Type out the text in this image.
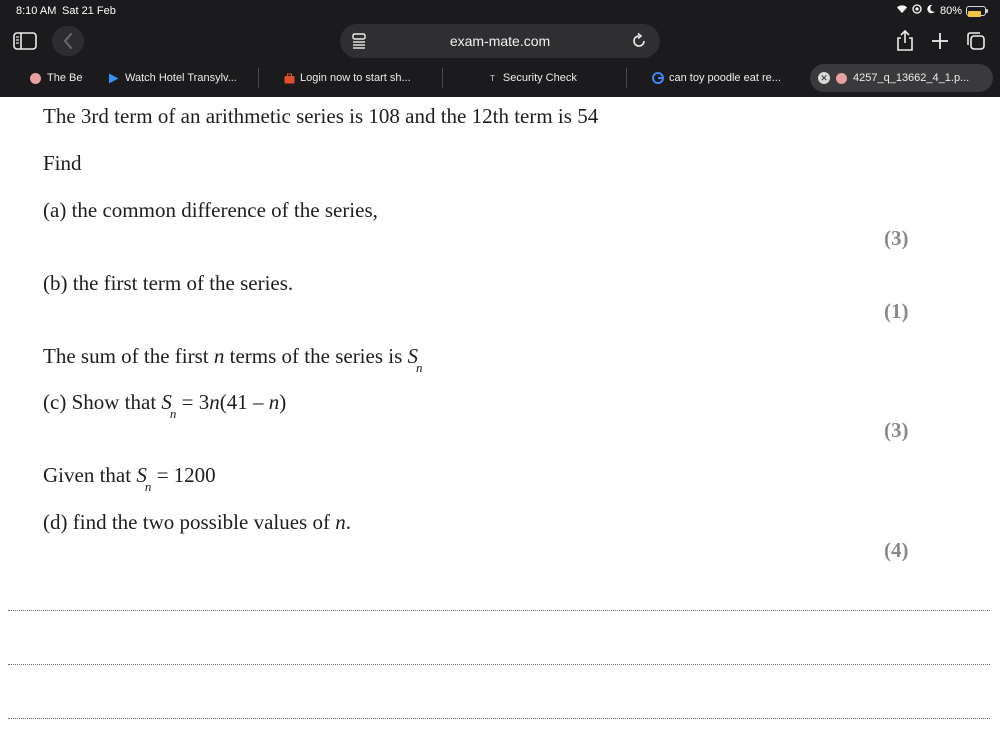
8:10 AM Sat 21 Feb	80%
exam-mate.com
The Be	Watch Hotel Transylv...	Login now to start sh...	T Security Check	can toy poodle eat re...	✕ 4257_q_13662_4_1.p...
The 3rd term of an arithmetic series is 108 and the 12th term is 54
Find
(a) the common difference of the series,
(3)
(b) the first term of the series.
(1)
The sum of the first n terms of the series is $S_n$
(c) Show that $S_n = 3n(41 - n)$
(3)
Given that $S_n = 1200$
(d) find the two possible values of n.
(4)
